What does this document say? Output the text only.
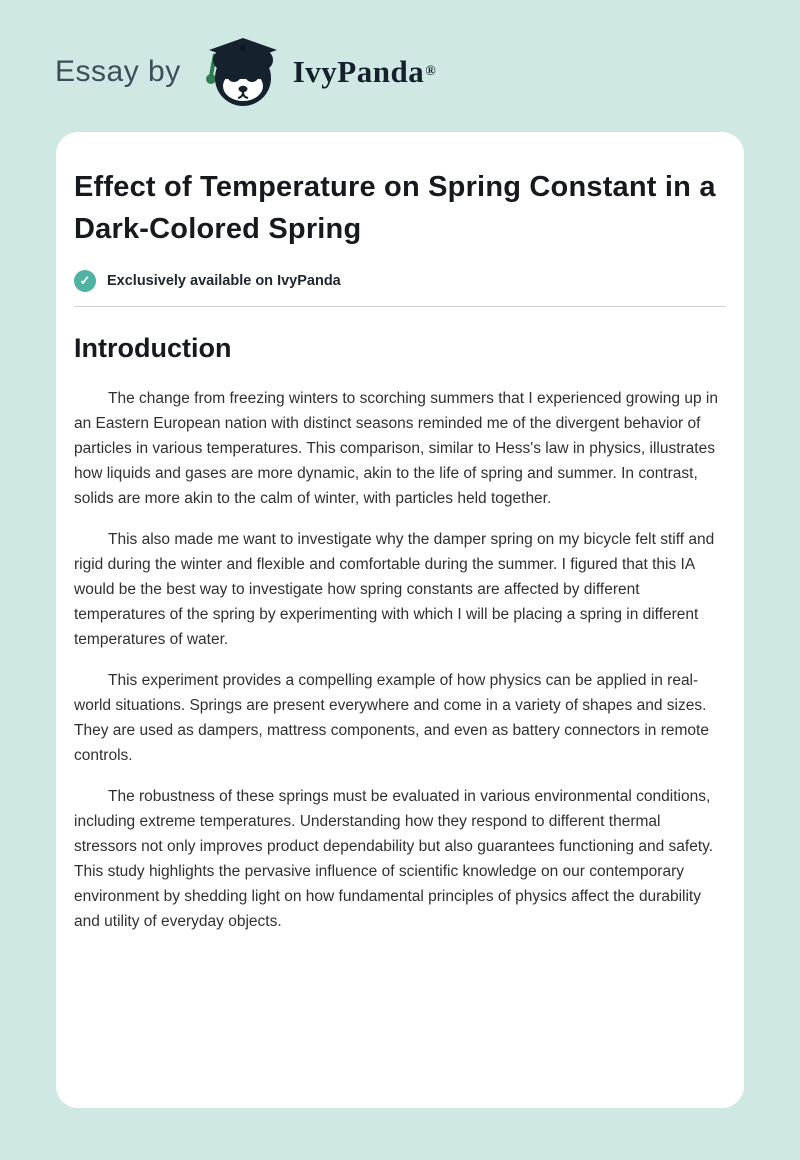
Essay by	IvyPanda ®
Effect of Temperature on Spring Constant in a Dark-Colored Spring
✓	Exclusively available on IvyPanda
Introduction

The change from freezing winters to scorching summers that I experienced growing up in an Eastern European nation with distinct seasons reminded me of the divergent behavior of particles in various temperatures. This comparison, similar to Hess's law in physics, illustrates how liquids and gases are more dynamic, akin to the life of spring and summer. In contrast, solids are more akin to the calm of winter, with particles held together.

This also made me want to investigate why the damper spring on my bicycle felt stiff and rigid during the winter and flexible and comfortable during the summer. I figured that this IA would be the best way to investigate how spring constants are affected by different temperatures of the spring by experimenting with which I will be placing a spring in different temperatures of water.

This experiment provides a compelling example of how physics can be applied in real-world situations. Springs are present everywhere and come in a variety of shapes and sizes. They are used as dampers, mattress components, and even as battery connectors in remote controls.

The robustness of these springs must be evaluated in various environmental conditions, including extreme temperatures. Understanding how they respond to different thermal stressors not only improves product dependability but also guarantees functioning and safety. This study highlights the pervasive influence of scientific knowledge on our contemporary environment by shedding light on how fundamental principles of physics affect the durability and utility of everyday objects.
